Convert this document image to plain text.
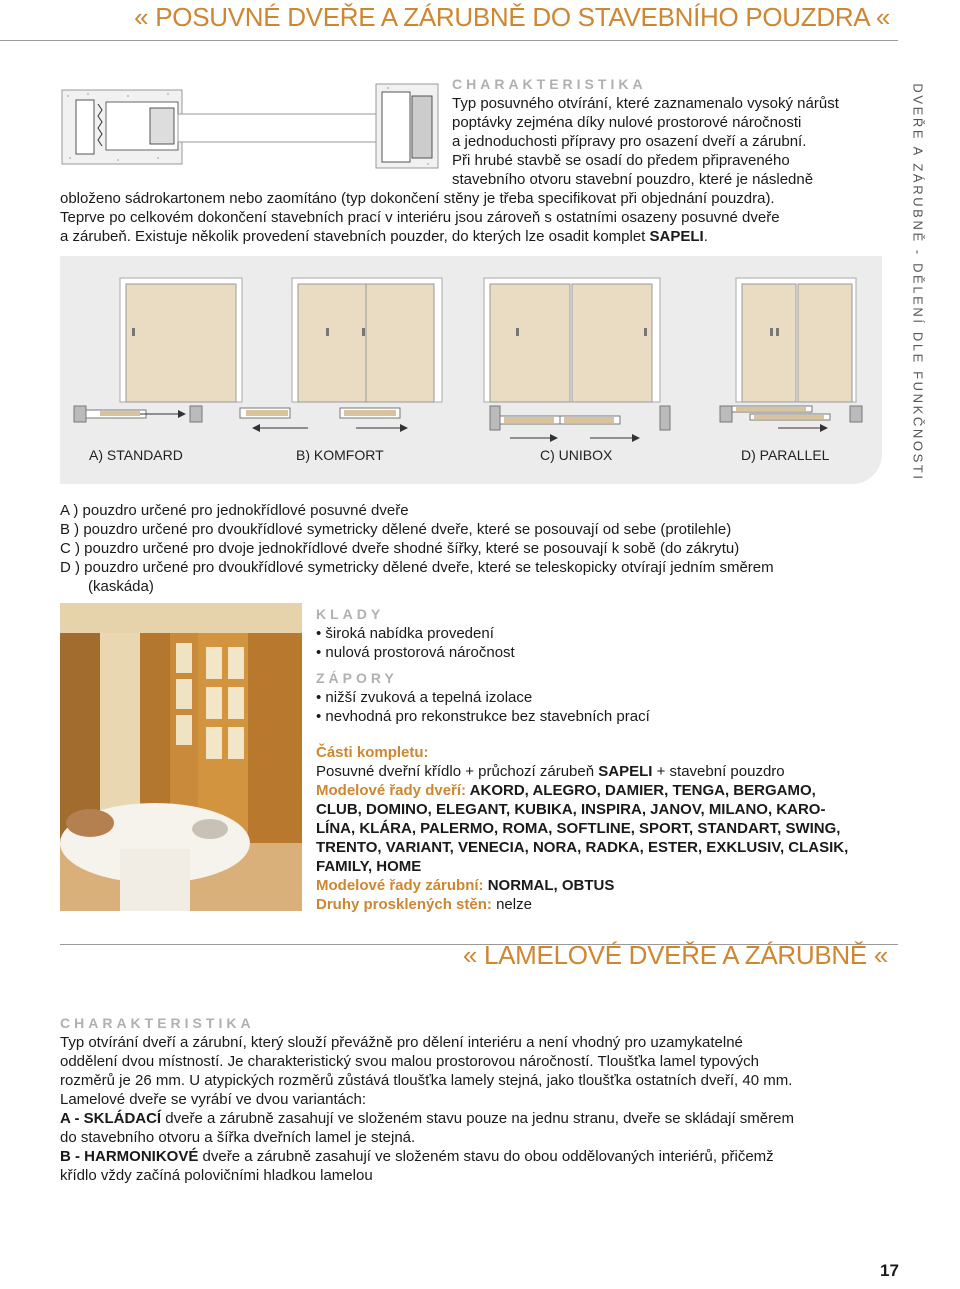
« POSUVNÉ DVEŘE A ZÁRUBNĚ DO STAVEBNÍHO POUZDRA «
DVEŘE A ZÁRUBNĚ - DĚLENÍ DLE FUNKČNOSTI
CHARAKTERISTIKA
Typ posuvného otvírání, které zaznamenalo vysoký nárůst
poptávky zejména díky nulové prostorové náročnosti
a jednoduchosti přípravy pro osazení dveří a zárubní.
Při hrubé stavbě se osadí do předem připraveného
stavebního otvoru stavební pouzdro, které je následně
obloženo sádrokartonem nebo zaomítáno (typ dokončení stěny je třeba specifikovat při objednání pouzdra).
Teprve po celkovém dokončení stavebních prací v interiéru jsou zároveň s ostatními osazeny posuvné dveře
a zárubeň. Existuje několik provedení stavebních pouzder, do kterých lze osadit komplet SAPELI.
A) STANDARD	B) KOMFORT	C) UNIBOX	D) PARALLEL
A ) pouzdro určené pro jednokřídlové posuvné dveře
B ) pouzdro určené pro dvoukřídlové symetricky dělené dveře, které se posouvají od sebe (protilehle)
C ) pouzdro určené pro dvoje jednokřídlové dveře shodné šířky, které se posouvají k sobě (do zákrytu)
D ) pouzdro určené pro dvoukřídlové symetricky dělené dveře, které se teleskopicky otvírají jedním směrem
(kaskáda)
KLADY
• široká nabídka provedení
• nulová prostorová náročnost
ZÁPORY
• nižší zvuková a tepelná izolace
• nevhodná pro rekonstrukce bez stavebních prací
Části kompletu:
Posuvné dveřní křídlo + průchozí zárubeň SAPELI + stavební pouzdro
Modelové řady dveří: AKORD, ALEGRO, DAMIER, TENGA, BERGAMO,
CLUB, DOMINO, ELEGANT, KUBIKA, INSPIRA, JANOV, MILANO, KARO-
LÍNA, KLÁRA, PALERMO, ROMA, SOFTLINE, SPORT, STANDART, SWING,
TRENTO, VARIANT, VENECIA, NORA, RADKA, ESTER, EXKLUSIV, CLASIK,
FAMILY, HOME
Modelové řady zárubní: NORMAL, OBTUS
Druhy prosklených stěn: nelze
« LAMELOVÉ DVEŘE A ZÁRUBNĚ «
CHARAKTERISTIKA
Typ otvírání dveří a zárubní, který slouží převážně pro dělení interiéru a není vhodný pro uzamykatelné
oddělení dvou místností. Je charakteristický svou malou prostorovou náročností. Tloušťka lamel typových
rozměrů je 26 mm. U atypických rozměrů zůstává tloušťka lamely stejná, jako tloušťka ostatních dveří, 40 mm.
Lamelové dveře se vyrábí ve dvou variantách:
A - SKLÁDACÍ dveře a zárubně zasahují ve složeném stavu pouze na jednu stranu, dveře se skládají směrem
do stavebního otvoru a šířka dveřních lamel je stejná.
B - HARMONIKOVÉ dveře a zárubně zasahují ve složeném stavu do obou oddělovaných interiérů, přičemž
křídlo vždy začíná polovičními hladkou lamelou
17
